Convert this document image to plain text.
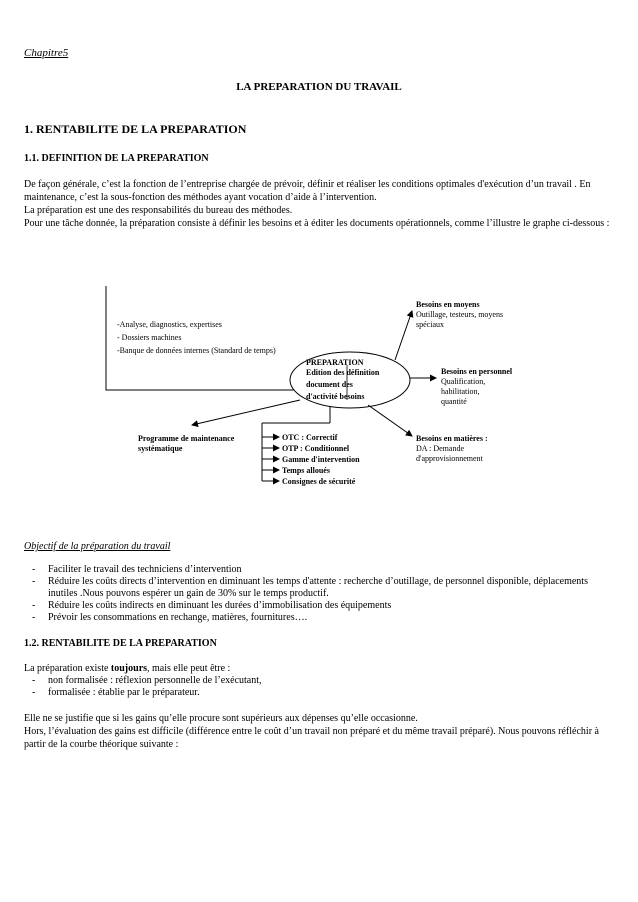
Chapitre5
LA PREPARATION DU TRAVAIL
1. RENTABILITE DE LA PREPARATION
1.1. DEFINITION DE LA PREPARATION

De façon générale, c’est la fonction de l’entreprise chargée de prévoir, définir et réaliser les conditions optimales d'exécution d’un travail . En maintenance, c’est la sous-fonction des méthodes ayant vocation d’aide à l’intervention.

La préparation est une des responsabilités du bureau des méthodes.

Pour une tâche donnée, la préparation consiste à définir les besoins et à éditer les documents opérationnels, comme l’illustre le graphe ci-dessous :

-Analyse, diagnostics, expertises
- Dossiers machines
-Banque de données internes (Standard de temps)
PREPARATION
Edition des définition
document des
d'activité besoins
Besoins en moyens
Outillage, testeurs, moyens
spéciaux
Besoins en personnel
Qualification,
habilitation,
quantité
Besoins en matières :
DA : Demande
d'approvisionnement
Programme de maintenance
systématique
OTC : Correctif
OTP : Conditionnel
Gamme d'intervention
Temps alloués
Consignes de sécurité
Objectif de la préparation du travail
- Faciliter le travail des techniciens d’intervention
- Réduire les coûts directs d’intervention en diminuant les temps d'attente : recherche d’outillage, de personnel disponible, déplacements inutiles .Nous pouvons espérer un gain de 30% sur le temps productif.
- Réduire les coûts indirects en diminuant les durées d’immobilisation des équipements
- Prévoir les consommations en rechange, matières, fournitures….
1.2. RENTABILITE DE LA PREPARATION
La préparation existe toujours, mais elle peut être :
- non formalisée : réflexion personnelle de l’exécutant,
- formalisée : établie par le préparateur.

Elle ne se justifie que si les gains qu’elle procure sont supérieurs aux dépenses qu’elle occasionne.

Hors, l’évaluation des gains est difficile (différence entre le coût d’un travail non préparé et du même travail préparé). Nous pouvons réfléchir à partir de la courbe théorique suivante :
